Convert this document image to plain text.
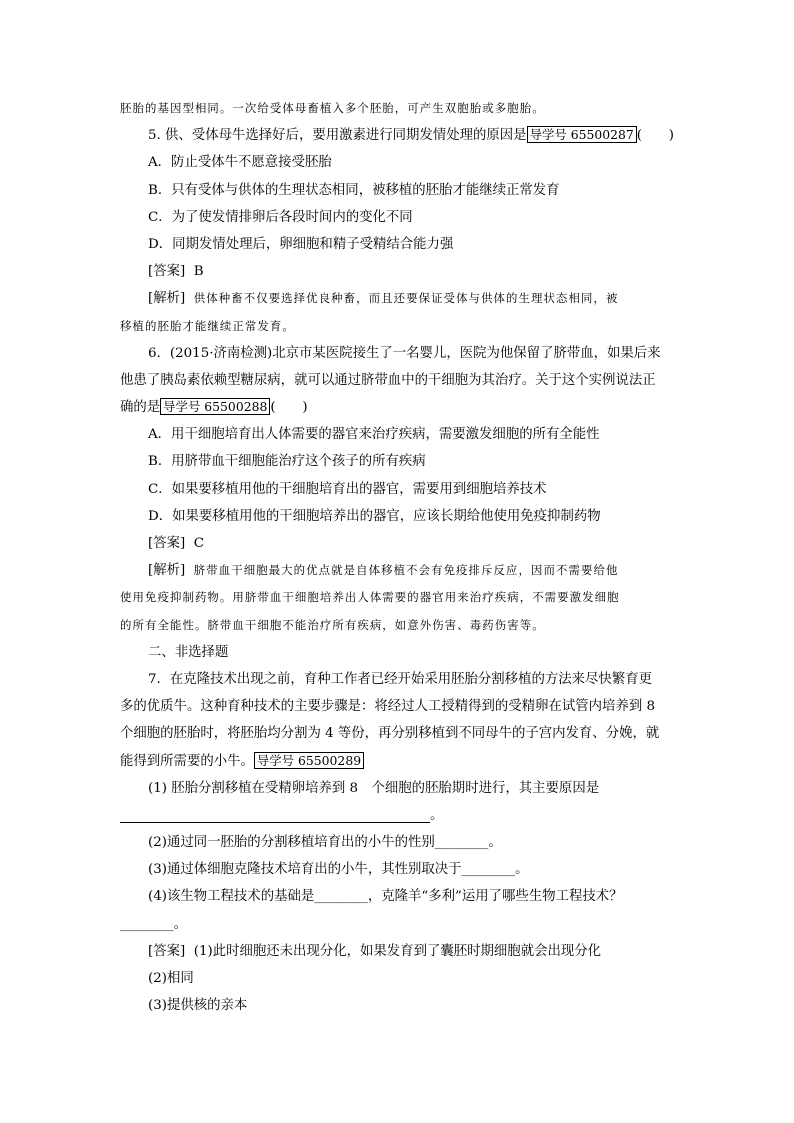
胚胎的基因型相同。一次给受体母畜植入多个胚胎，可产生双胞胎或多胞胎。
5. 供、受体母牛选择好后，要用激素进行同期发情处理的原因是 导学号 65500287 (　　)
A．防止受体牛不愿意接受胚胎
B．只有受体与供体的生理状态相同，被移植的胚胎才能继续正常发育
C．为了使发情排卵后各段时间内的变化不同
D．同期发情处理后，卵细胞和精子受精结合能力强
[答案] B
[解析] 供体种畜不仅要选择优良种畜，而且还要保证受体与供体的生理状态相同，被
移植的胚胎才能继续正常发育。
6．(2015·济南检测)北京市某医院接生了一名婴儿，医院为他保留了脐带血，如果后来
他患了胰岛素依赖型糖尿病，就可以通过脐带血中的干细胞为其治疗。关于这个实例说法正
确的是 导学号 65500288 (　　)
A．用干细胞培育出人体需要的器官来治疗疾病，需要激发细胞的所有全能性
B．用脐带血干细胞能治疗这个孩子的所有疾病
C．如果要移植用他的干细胞培育出的器官，需要用到细胞培养技术
D．如果要移植用他的干细胞培养出的器官，应该长期给他使用免疫抑制药物
[答案] C
[解析] 脐带血干细胞最大的优点就是自体移植不会有免疫排斥反应，因而不需要给他
使用免疫抑制药物。用脐带血干细胞培养出人体需要的器官用来治疗疾病，不需要激发细胞
的所有全能性。脐带血干细胞不能治疗所有疾病，如意外伤害、毒药伤害等。
二、非选择题
7．在克隆技术出现之前，育种工作者已经开始采用胚胎分割移植的方法来尽快繁育更
多的优质牛。这种育种技术的主要步骤是：将经过人工授精得到的受精卵在试管内培养到 8
个细胞的胚胎时，将胚胎均分割为 4 等份，再分别移植到不同母牛的子宫内发育、分娩，就
能得到所需要的小牛。 导学号 65500289
(1) 胚胎分割移植在受精卵培养到 8　个细胞的胚胎期时进行，其主要原因是
。
(2)通过同一胚胎的分割移植培育出的小牛的性别________。
(3)通过体细胞克隆技术培育出的小牛，其性别取决于________。
(4)该生物工程技术的基础是________，克隆羊“多利”运用了哪些生物工程技术？
________。
[答案] (1)此时细胞还未出现分化，如果发育到了囊胚时期细胞就会出现分化
(2)相同
(3)提供核的亲本
